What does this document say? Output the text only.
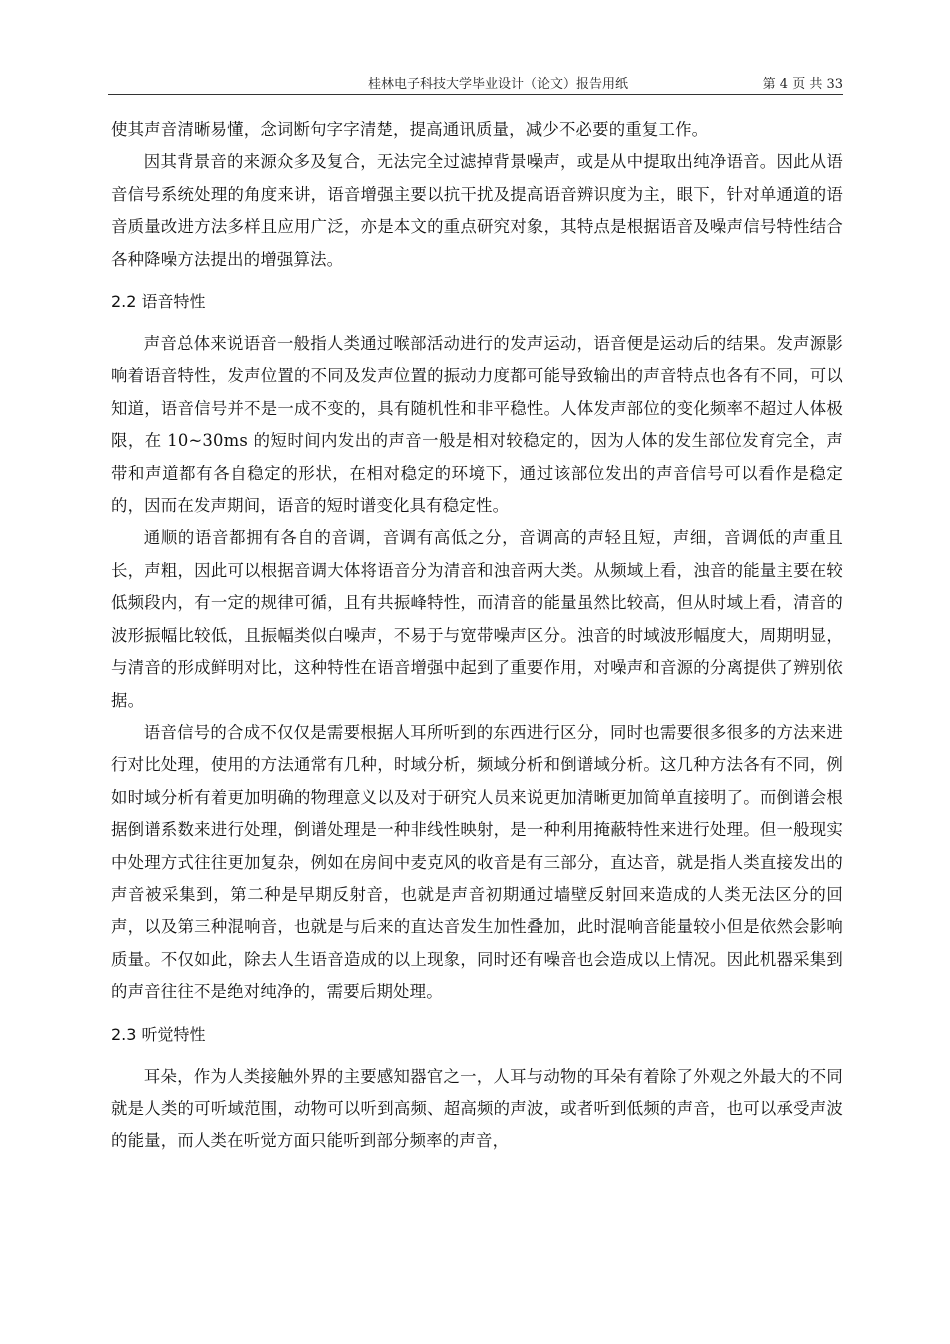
桂林电子科技大学毕业设计（论文）报告用纸	第 4 页 共 33

使其声音清晰易懂，念词断句字字清楚，提高通讯质量，减少不必要的重复工作。

因其背景音的来源众多及复合，无法完全过滤掉背景噪声，或是从中提取出纯净语音。因此从语音信号系统处理的角度来讲，语音增强主要以抗干扰及提高语音辨识度为主，眼下，针对单通道的语音质量改进方法多样且应用广泛，亦是本文的重点研究对象，其特点是根据语音及噪声信号特性结合各种降噪方法提出的增强算法。

2.2 语音特性

声音总体来说语音一般指人类通过喉部活动进行的发声运动，语音便是运动后的结果。发声源影响着语音特性，发声位置的不同及发声位置的振动力度都可能导致输出的声音特点也各有不同，可以知道，语音信号并不是一成不变的，具有随机性和非平稳性。人体发声部位的变化频率不超过人体极限，在 10~30ms 的短时间内发出的声音一般是相对较稳定的，因为人体的发生部位发育完全，声带和声道都有各自稳定的形状，在相对稳定的环境下，通过该部位发出的声音信号可以看作是稳定的，因而在发声期间，语音的短时谱变化具有稳定性。

通顺的语音都拥有各自的音调，音调有高低之分，音调高的声轻且短，声细，音调低的声重且长，声粗，因此可以根据音调大体将语音分为清音和浊音两大类。从频域上看，浊音的能量主要在较低频段内，有一定的规律可循，且有共振峰特性，而清音的能量虽然比较高，但从时域上看，清音的波形振幅比较低，且振幅类似白噪声，不易于与宽带噪声区分。浊音的时域波形幅度大，周期明显，与清音的形成鲜明对比，这种特性在语音增强中起到了重要作用，对噪声和音源的分离提供了辨别依据。

语音信号的合成不仅仅是需要根据人耳所听到的东西进行区分，同时也需要很多很多的方法来进行对比处理，使用的方法通常有几种，时域分析，频域分析和倒谱域分析。这几种方法各有不同，例如时域分析有着更加明确的物理意义以及对于研究人员来说更加清晰更加简单直接明了。而倒谱会根据倒谱系数来进行处理，倒谱处理是一种非线性映射，是一种利用掩蔽特性来进行处理。但一般现实中处理方式往往更加复杂，例如在房间中麦克风的收音是有三部分，直达音，就是指人类直接发出的声音被采集到，第二种是早期反射音，也就是声音初期通过墙壁反射回来造成的人类无法区分的回声，以及第三种混响音，也就是与后来的直达音发生加性叠加，此时混响音能量较小但是依然会影响质量。不仅如此，除去人生语音造成的以上现象，同时还有噪音也会造成以上情况。因此机器采集到的声音往往不是绝对纯净的，需要后期处理。

2.3 听觉特性

耳朵，作为人类接触外界的主要感知器官之一，人耳与动物的耳朵有着除了外观之外最大的不同就是人类的可听域范围，动物可以听到高频、超高频的声波，或者听到低频的声音，也可以承受声波的能量，而人类在听觉方面只能听到部分频率的声音，
